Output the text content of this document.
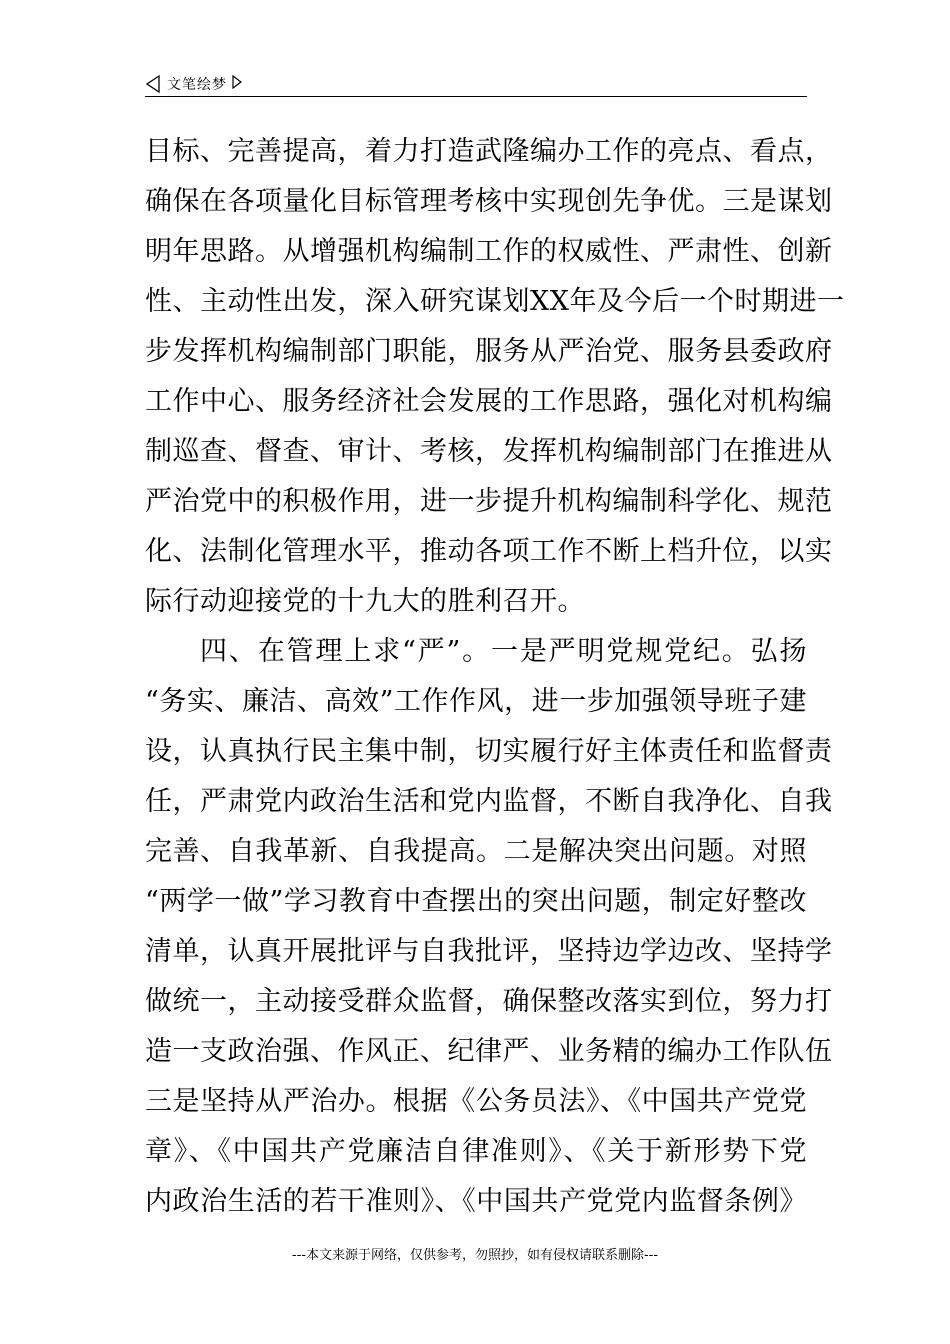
文笔绘梦
目标、完善提高，着力打造武隆编办工作的亮点、看点，
确保在各项量化目标管理考核中实现创先争优。三是谋划
明年思路。从增强机构编制工作的权威性、严肃性、创新
性、主动性出发，深入研究谋划XX年及今后一个时期进一
步发挥机构编制部门职能，服务从严治党、服务县委政府
工作中心、服务经济社会发展的工作思路，强化对机构编
制巡查、督查、审计、考核，发挥机构编制部门在推进从
严治党中的积极作用，进一步提升机构编制科学化、规范
化、法制化管理水平，推动各项工作不断上档升位，以实
际行动迎接党的十九大的胜利召开。
四、在管理上求“严”。一是严明党规党纪。弘扬
“务实、廉洁、高效”工作作风，进一步加强领导班子建
设，认真执行民主集中制，切实履行好主体责任和监督责
任，严肃党内政治生活和党内监督，不断自我净化、自我
完善、自我革新、自我提高。二是解决突出问题。对照
“两学一做”学习教育中查摆出的突出问题，制定好整改
清单，认真开展批评与自我批评，坚持边学边改、坚持学
做统一，主动接受群众监督，确保整改落实到位，努力打
造一支政治强、作风正、纪律严、业务精的编办工作队伍
三是坚持从严治办。根据《公务员法》、《中国共产党党
章》、《中国共产党廉洁自律准则》、《关于新形势下党
内政治生活的若干准则》、《中国共产党党内监督条例》
---本文来源于网络，仅供参考，勿照抄，如有侵权请联系删除---
